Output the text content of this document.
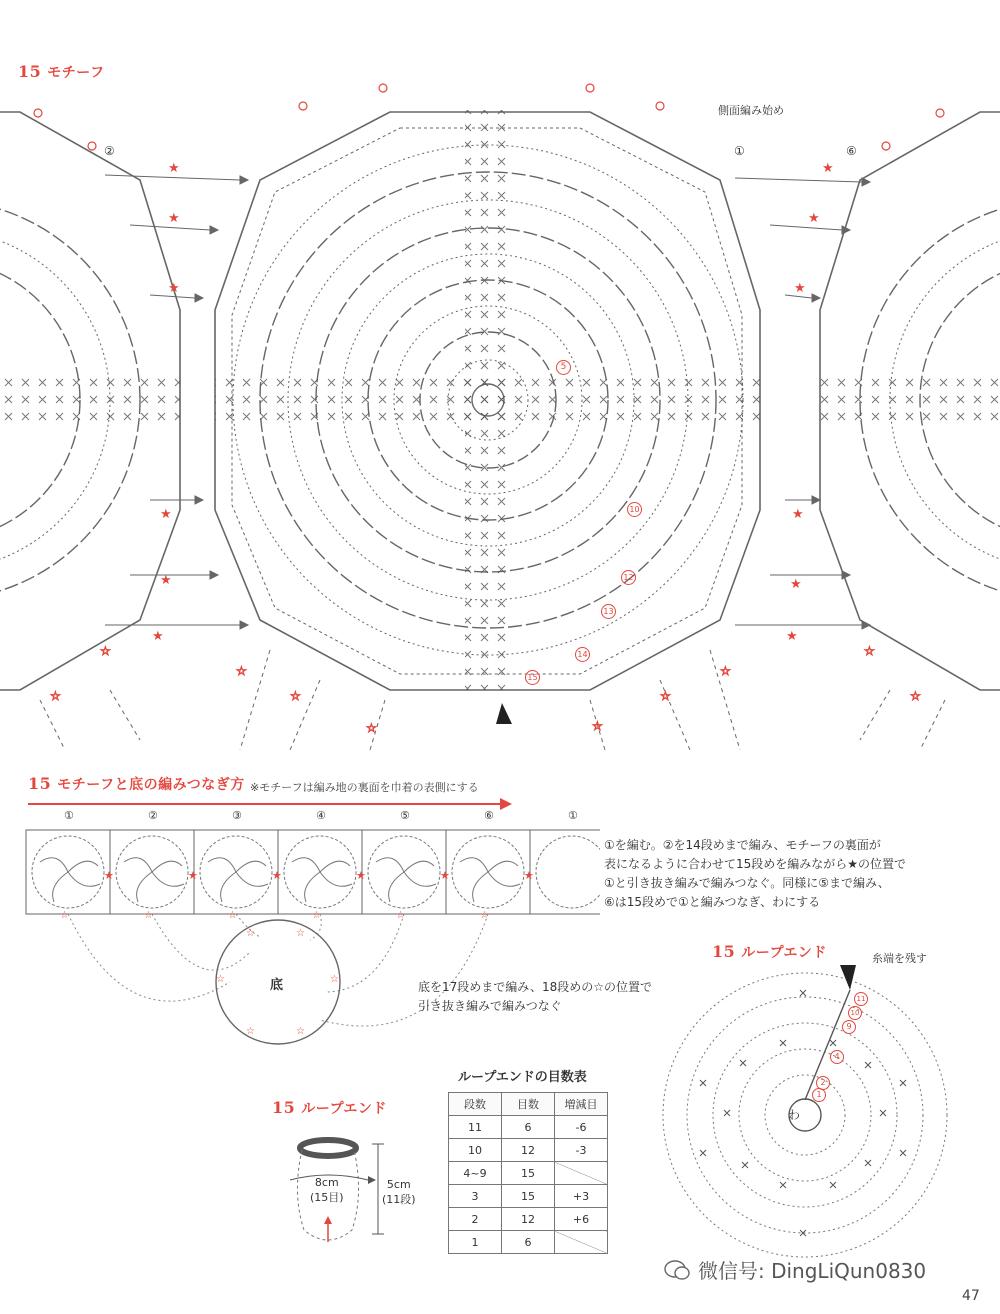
15 モチーフ
側面編み始め
②	①	⑥
★
★
★
★
★
★
★
★
★
★
★
★
☆
☆
☆
☆
☆	☆
☆
☆
☆
☆
5
10
12
13
14
15
15 モチーフと底の編みつなぎ方 ※モチーフは編み地の裏面を巾着の表側にする
★	★	★	★	★	★
☆	☆	☆	☆	☆	☆
☆	☆
☆	☆
☆	☆
①	②	③	④	⑤	⑥	①
底
①を編む。②を14段めまで編み、モチーフの裏面が
表になるように合わせて15段めを編みながら★の位置で
①と引き抜き編みで編みつなぐ。同様に⑤まで編み、
⑥は15段めで①と編みつなぎ、わにする
底を17段めまで編み、18段めの☆の位置で
引き抜き編みで編みつなぐ
15 ループエンド	糸端を残す
わ
1
2
4
9
10
11
ループエンドの目数表
段数	目数	増減目
11	6	-6
10	12	-3
4~9	15	
3	15	+3
2	12	+6
1	6	
15 ループエンド
8cm
(15目)
5cm
(11段)
微信号: DingLiQun0830
47
